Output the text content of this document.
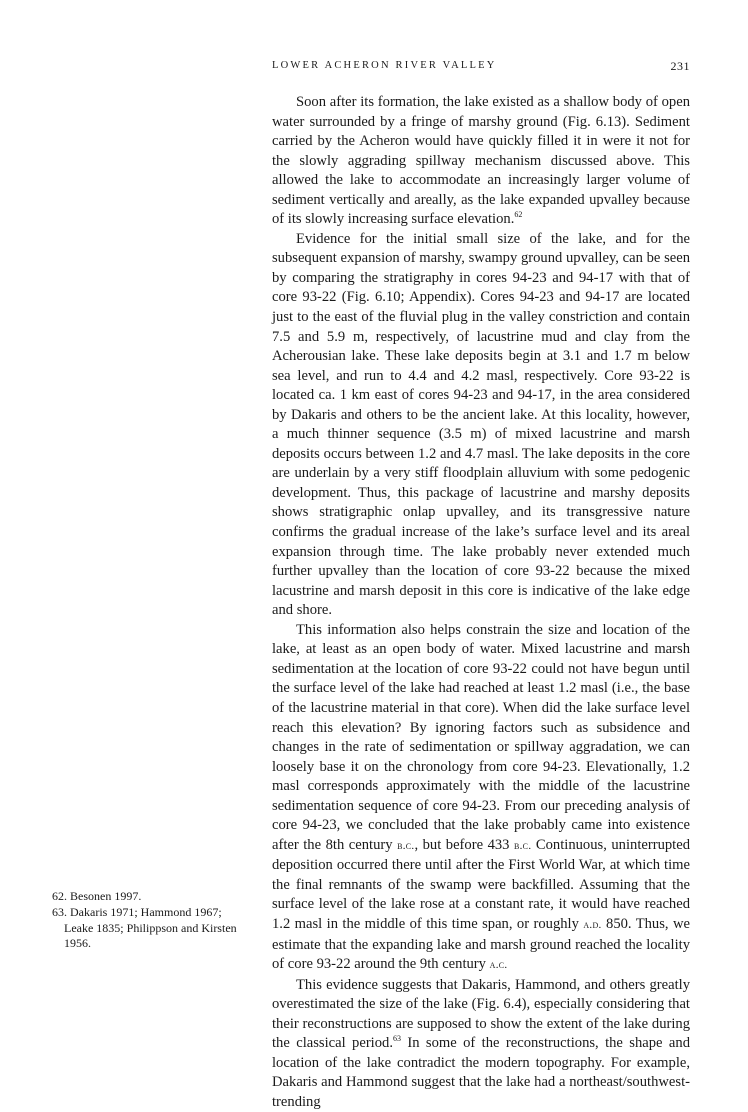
LOWER ACHERON RIVER VALLEY	231

Soon after its formation, the lake existed as a shallow body of open water surrounded by a fringe of marshy ground (Fig. 6.13). Sediment carried by the Acheron would have quickly filled it in were it not for the slowly aggrading spillway mechanism discussed above. This allowed the lake to accommodate an increasingly larger volume of sediment vertically and areally, as the lake expanded upvalley because of its slowly increasing surface elevation.$^{62}$

Evidence for the initial small size of the lake, and for the subsequent expansion of marshy, swampy ground upvalley, can be seen by comparing the stratigraphy in cores 94-23 and 94-17 with that of core 93-22 (Fig. 6.10; Appendix). Cores 94-23 and 94-17 are located just to the east of the fluvial plug in the valley constriction and contain 7.5 and 5.9 m, respectively, of lacustrine mud and clay from the Acherousian lake. These lake deposits begin at 3.1 and 1.7 m below sea level, and run to 4.4 and 4.2 masl, respectively. Core 93-22 is located ca. 1 km east of cores 94-23 and 94-17, in the area considered by Dakaris and others to be the ancient lake. At this locality, however, a much thinner sequence (3.5 m) of mixed lacustrine and marsh deposits occurs between 1.2 and 4.7 masl. The lake deposits in the core are underlain by a very stiff floodplain alluvium with some pedogenic development. Thus, this package of lacustrine and marshy deposits shows stratigraphic onlap upvalley, and its transgressive nature confirms the gradual increase of the lake’s surface level and its areal expansion through time. The lake probably never extended much further upvalley than the location of core 93-22 because the mixed lacustrine and marsh deposit in this core is indicative of the lake edge and shore.

This information also helps constrain the size and location of the lake, at least as an open body of water. Mixed lacustrine and marsh sedimentation at the location of core 93-22 could not have begun until the surface level of the lake had reached at least 1.2 masl (i.e., the base of the lacustrine material in that core). When did the lake surface level reach this elevation? By ignoring factors such as subsidence and changes in the rate of sedimentation or spillway aggradation, we can loosely base it on the chronology from core 94-23. Elevationally, 1.2 masl corresponds approximately with the middle of the lacustrine sedimentation sequence of core 94-23. From our preceding analysis of core 94-23, we concluded that the lake probably came into existence after the 8th century b.c., but before 433 b.c. Continuous, uninterrupted deposition occurred there until after the First World War, at which time the final remnants of the swamp were backfilled. Assuming that the surface level of the lake rose at a constant rate, it would have reached 1.2 masl in the middle of this time span, or roughly a.d. 850. Thus, we estimate that the expanding lake and marsh ground reached the locality of core 93-22 around the 9th century a.c.

This evidence suggests that Dakaris, Hammond, and others greatly overestimated the size of the lake (Fig. 6.4), especially considering that their reconstructions are supposed to show the extent of the lake during the classical period.$^{63}$ In some of the reconstructions, the shape and location of the lake contradict the modern topography. For example, Dakaris and Hammond suggest that the lake had a northeast/southwest-trending

62. Besonen 1997.

63. Dakaris 1971; Hammond 1967; Leake 1835; Philippson and Kirsten 1956.
